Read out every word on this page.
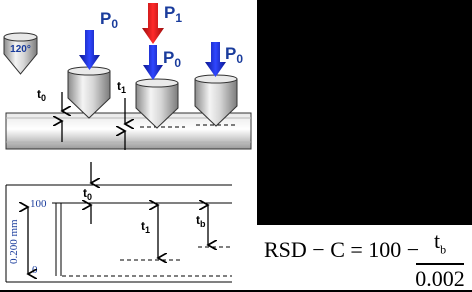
120°
$P_0$
$P_1$
$P_0$	$P_0$
$t_0$
$t_1$
100
0
0.200 mm
$t_0$
$t_1$
$t_b$
RSD − $C = 100 - t_b$
0.002
